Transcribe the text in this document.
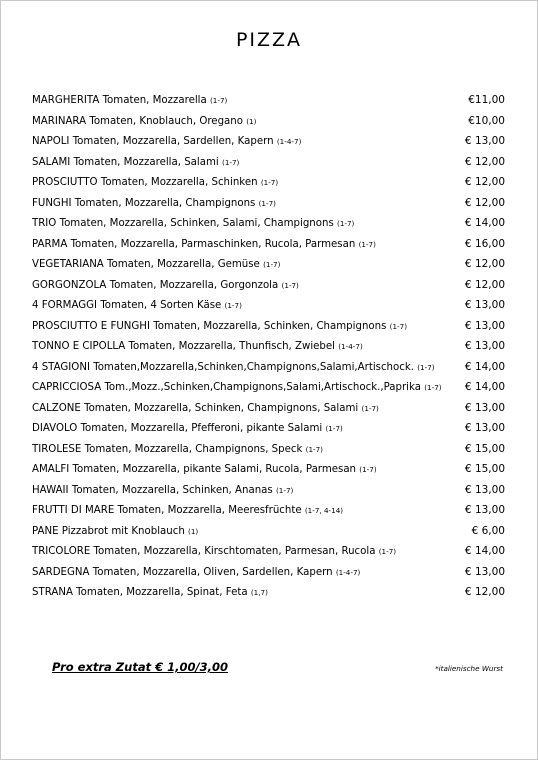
PIZZA
MARGHERITA Tomaten, Mozzarella (1-7)	€11,00
MARINARA Tomaten, Knoblauch, Oregano (1)	€10,00
NAPOLI Tomaten, Mozzarella, Sardellen, Kapern (1-4-7)	€ 13,00
SALAMI Tomaten, Mozzarella, Salami (1-7)	€ 12,00
PROSCIUTTO Tomaten, Mozzarella, Schinken (1-7)	€ 12,00
FUNGHI Tomaten, Mozzarella, Champignons (1-7)	€ 12,00
TRIO Tomaten, Mozzarella, Schinken, Salami, Champignons (1-7)	€ 14,00
PARMA Tomaten, Mozzarella, Parmaschinken, Rucola, Parmesan (1-7)	€ 16,00
VEGETARIANA Tomaten, Mozzarella, Gemüse (1-7)	€ 12,00
GORGONZOLA Tomaten, Mozzarella, Gorgonzola (1-7)	€ 12,00
4 FORMAGGI Tomaten, 4 Sorten Käse (1-7)	€ 13,00
PROSCIUTTO E FUNGHI Tomaten, Mozzarella, Schinken, Champignons (1-7)	€ 13,00
TONNO E CIPOLLA Tomaten, Mozzarella, Thunfisch, Zwiebel (1-4-7)	€ 13,00
4 STAGIONI Tomaten,Mozzarella,Schinken,Champignons,Salami,Artischock. (1-7)	€ 14,00
CAPRICCIOSA Tom.,Mozz.,Schinken,Champignons,Salami,Artischock.,Paprika (1-7) € 14,00
CALZONE Tomaten, Mozzarella, Schinken, Champignons, Salami (1-7)	€ 13,00
DIAVOLO Tomaten, Mozzarella, Pfefferoni, pikante Salami (1-7)	€ 13,00
TIROLESE Tomaten, Mozzarella, Champignons, Speck (1-7)	€ 15,00
AMALFI Tomaten, Mozzarella, pikante Salami, Rucola, Parmesan (1-7)	€ 15,00
HAWAII Tomaten, Mozzarella, Schinken, Ananas (1-7)	€ 13,00
FRUTTI DI MARE Tomaten, Mozzarella, Meeresfrüchte (1-7, 4-14)	€ 13,00
PANE Pizzabrot mit Knoblauch (1)	€ 6,00
TRICOLORE Tomaten, Mozzarella, Kirschtomaten, Parmesan, Rucola (1-7)	€ 14,00
SARDEGNA Tomaten, Mozzarella, Oliven, Sardellen, Kapern (1-4-7)	€ 13,00
STRANA Tomaten, Mozzarella, Spinat, Feta (1,7)	€ 12,00
Pro extra Zutat € 1,00/3,00	*italienische Wurst
